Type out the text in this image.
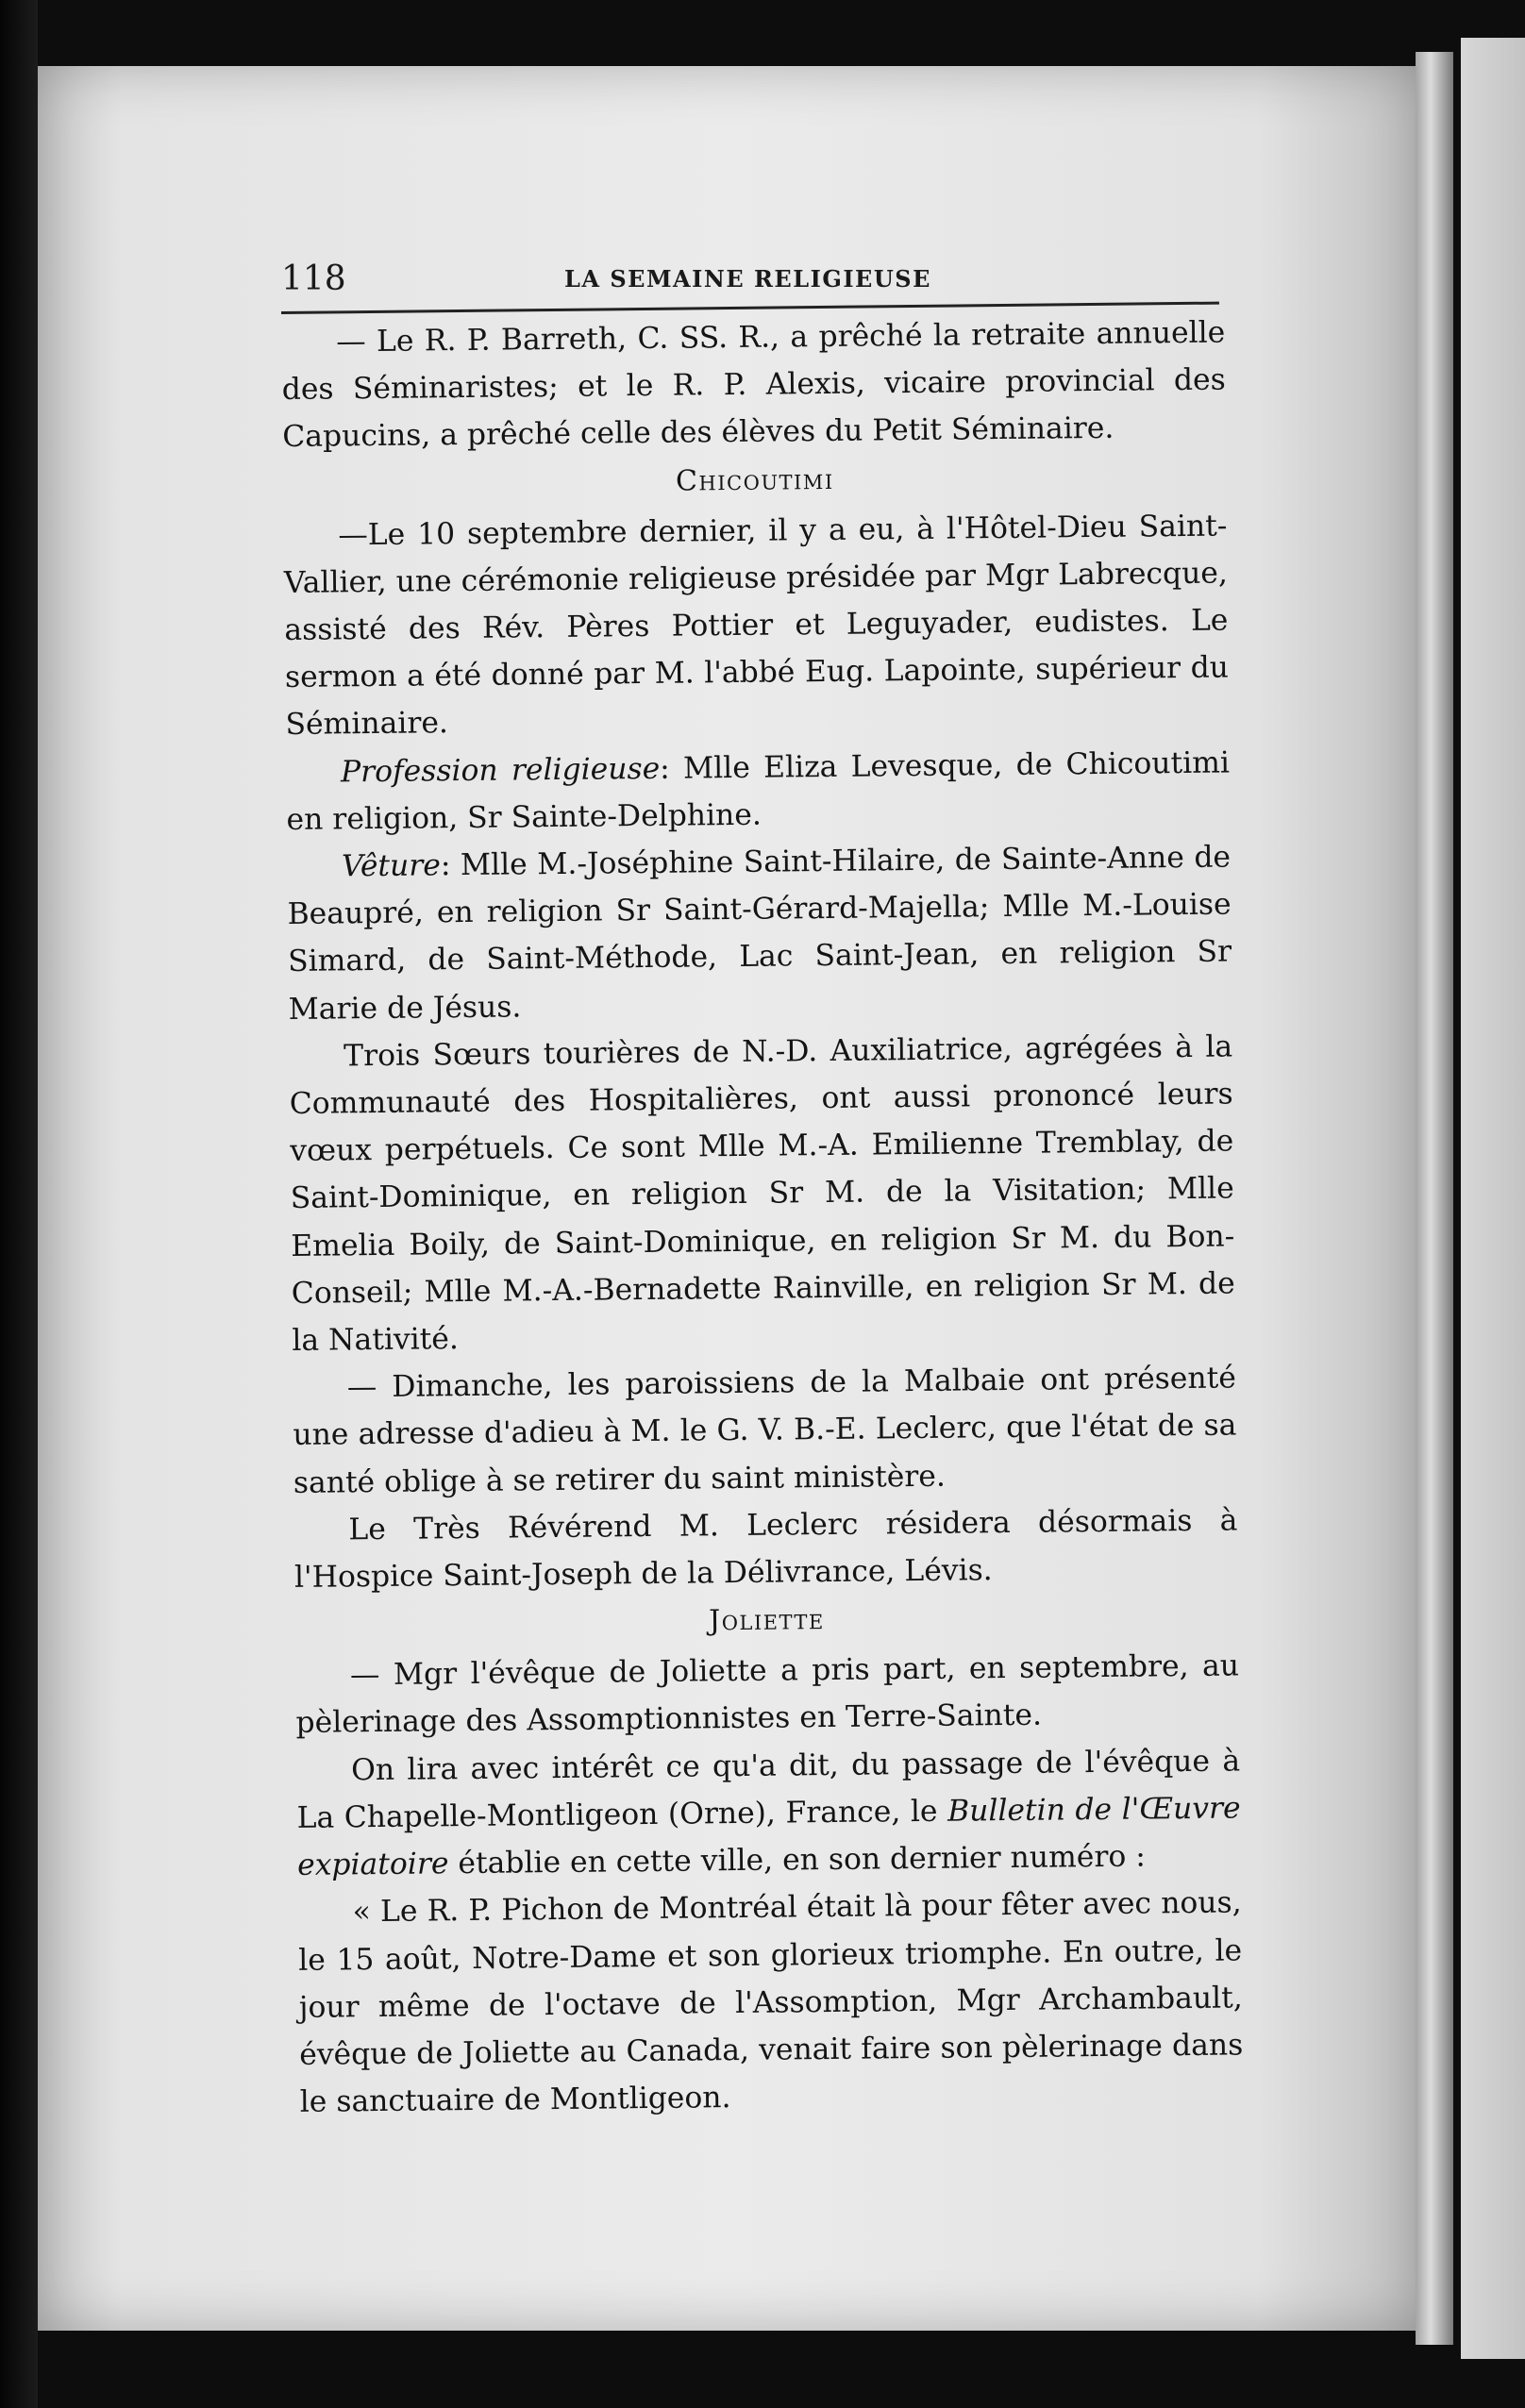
118	LA SEMAINE RELIGIEUSE

— Le R. P. Barreth, C. SS. R., a prêché la retraite annuelle des Séminaristes; et le R. P. Alexis, vicaire provincial des Capucins, a prêché celle des élèves du Petit Séminaire.

Chicoutimi

—Le 10 septembre dernier, il y a eu, à l'Hôtel-Dieu Saint-Vallier, une cérémonie religieuse présidée par Mgr Labrecque, assisté des Rév. Pères Pottier et Leguyader, eudistes. Le sermon a été donné par M. l'abbé Eug. Lapointe, supérieur du Séminaire.

Profession religieuse: Mlle Eliza Levesque, de Chicoutimi en religion, Sr Sainte-Delphine.

Vêture: Mlle M.-Joséphine Saint-Hilaire, de Sainte-Anne de Beaupré, en religion Sr Saint-Gérard-Majella; Mlle M.-Louise Simard, de Saint-Méthode, Lac Saint-Jean, en religion Sr Marie de Jésus.

Trois Sœurs tourières de N.-D. Auxiliatrice, agrégées à la Communauté des Hospitalières, ont aussi prononcé leurs vœux perpétuels. Ce sont Mlle M.-A. Emilienne Tremblay, de Saint-Dominique, en religion Sr M. de la Visitation; Mlle Emelia Boily, de Saint-Dominique, en religion Sr M. du Bon-Conseil; Mlle M.-A.-Bernadette Rainville, en religion Sr M. de la Nativité.

— Dimanche, les paroissiens de la Malbaie ont présenté une adresse d'adieu à M. le G. V. B.-E. Leclerc, que l'état de sa santé oblige à se retirer du saint ministère.

Le Très Révérend M. Leclerc résidera désormais à l'Hospice Saint-Joseph de la Délivrance, Lévis.

Joliette

— Mgr l'évêque de Joliette a pris part, en septembre, au pèlerinage des Assomptionnistes en Terre-Sainte.

On lira avec intérêt ce qu'a dit, du passage de l'évêque à La Chapelle-Montligeon (Orne), France, le Bulletin de l'Œuvre expiatoire établie en cette ville, en son dernier numéro :

« Le R. P. Pichon de Montréal était là pour fêter avec nous, le 15 août, Notre-Dame et son glorieux triomphe. En outre, le jour même de l'octave de l'Assomption, Mgr Archambault, évêque de Joliette au Canada, venait faire son pèlerinage dans le sanctuaire de Montligeon.
